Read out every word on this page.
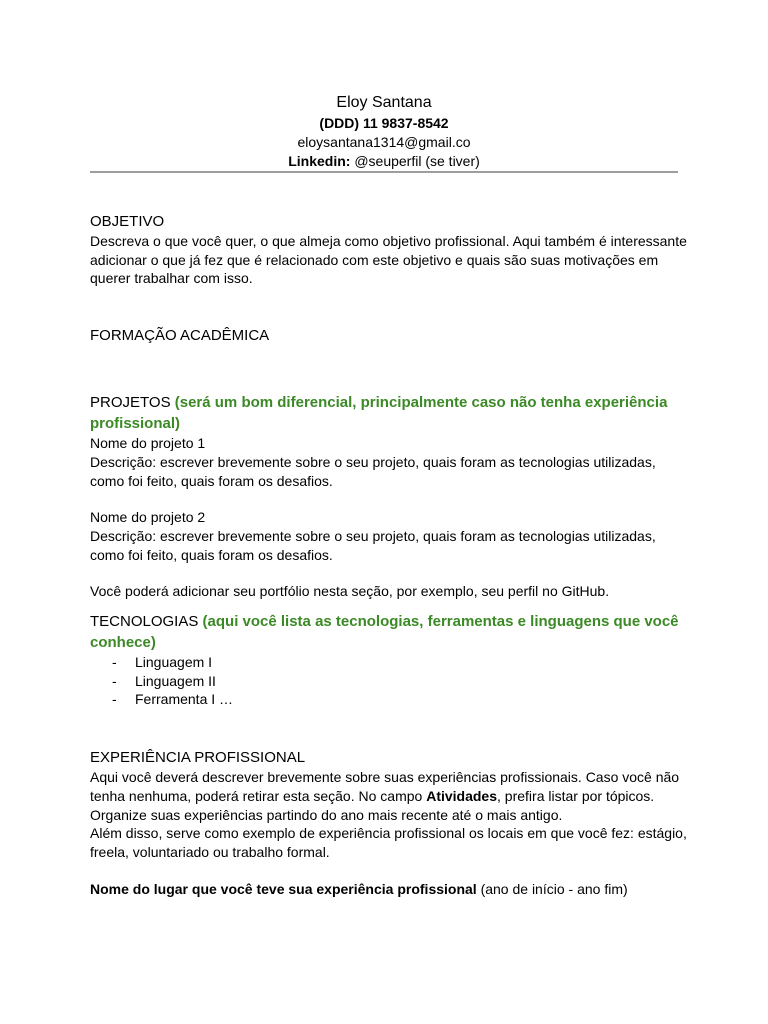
Eloy Santana
(DDD) 11 9837-8542
eloysantana1314@gmail.co
Linkedin: @seuperfil (se tiver)
OBJETIVO

Descreva o que você quer, o que almeja como objetivo profissional. Aqui também é interessante adicionar o que já fez que é relacionado com este objetivo e quais são suas motivações em querer trabalhar com isso.

FORMAÇÃO ACADÊMICA
PROJETOS (será um bom diferencial, principalmente caso não tenha experiência profissional)

Nome do projeto 1

Descrição: escrever brevemente sobre o seu projeto, quais foram as tecnologias utilizadas, como foi feito, quais foram os desafios.

Nome do projeto 2

Descrição: escrever brevemente sobre o seu projeto, quais foram as tecnologias utilizadas, como foi feito, quais foram os desafios.

Você poderá adicionar seu portfólio nesta seção, por exemplo, seu perfil no GitHub.

TECNOLOGIAS (aqui você lista as tecnologias, ferramentas e linguagens que você conhece)
- Linguagem I
- Linguagem II
- Ferramenta I …
EXPERIÊNCIA PROFISSIONAL

Aqui você deverá descrever brevemente sobre suas experiências profissionais. Caso você não tenha nenhuma, poderá retirar esta seção. No campo Atividades, prefira listar por tópicos.

Organize suas experiências partindo do ano mais recente até o mais antigo.

Além disso, serve como exemplo de experiência profissional os locais em que você fez: estágio, freela, voluntariado ou trabalho formal.

Nome do lugar que você teve sua experiência profissional (ano de início - ano fim)
